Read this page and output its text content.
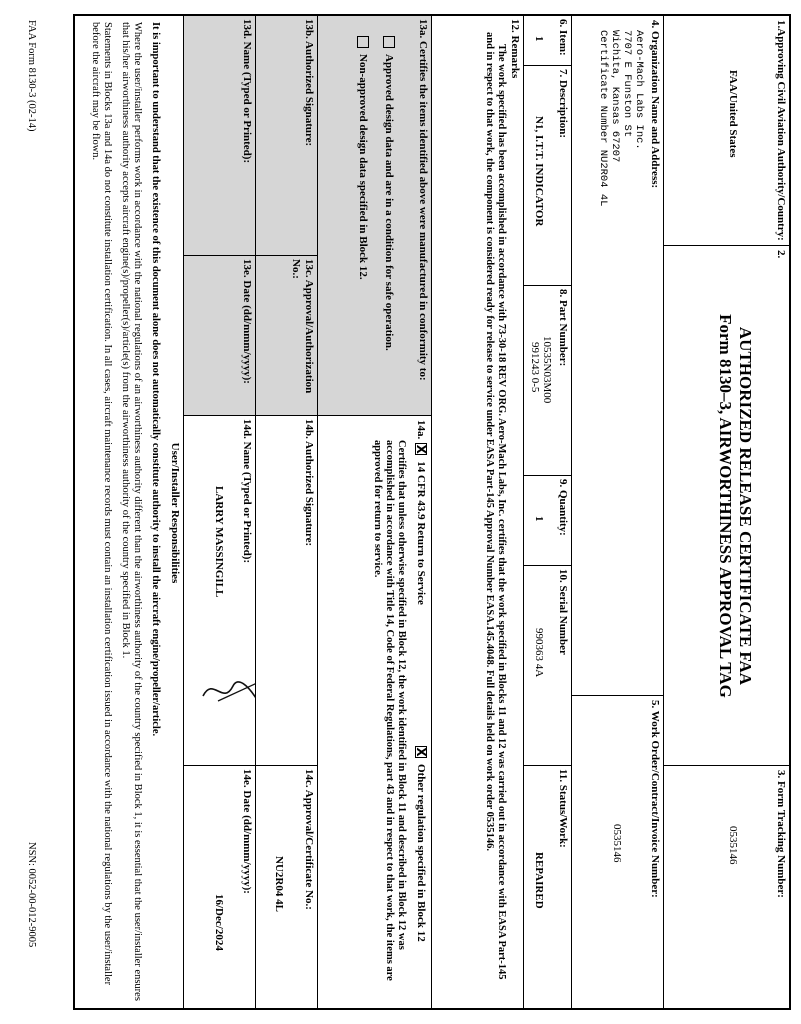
1.Approving Civil Aviation Authority/Country:
FAA/United States
2.
AUTHORIZED RELEASE CERTIFICATE FAA
Form 8130–3, AIRWORTHINESS APPROVAL TAG
3. Form Tracking Number:
0535146
4. Organization Name and Address:
Aero-Mach Labs Inc.
7707 E Funston St
Wichita, Kansas 67207
Certificate Number NU2R04 4L
5. Work Order/Contract/Invoice Number:
0535146
6. Item:
1
7. Description:
N1, I.T.T. INDICATOR
8. Part Number:
10535N03M00
991243 0-5
9. Quantity:
1
10. Serial Number
990363 4A
11. Status/Work:
REPAIRED
12. Remarks
The work specified has been accomplished in accordance with 73-30-18 REV ORG. Aero-Mach Labs, Inc. certifies that the work specified in Blocks 11 and 12 was carried out in accordance with EASA Part-145 and in respect to that work, the component is considered ready for release to service under EASA Part-145 Approval Number EASA.145.4048. Full details held on work order 0535146.
13a. Certifies the items identified above were manufactured in conformity to:
Approved design data and are in a condition for safe operation.
Non-approved design data specified in Block 12.
14a.X14 CFR 43.9 Return to Service
XOther regulation specified in Block 12
Certifies that unless otherwise specified in Block 12, the work identified in Block 11 and described in Block 12 was accomplished in accordance with Title 14, Code of Federal Regulations, part 43 and in respect to that work, the items are approved for return to service.
13b. Authorized Signature:
13c. Approval/Authorization No.:
14b. Authorized Signature:
14c. Approval/Certificate No.:
NU2R04 4L
13d. Name (Typed or Printed):
13e. Date (dd/mmm/yyyy):
14d. Name (Typed or Printed):
LARRY MASSINGILL
14e. Date (dd/mmm/yyyy):
16/Dec/2024
User/Installer Responsibilities
It is important to understand that the existence of this document alone does not automatically constitute authority to install the aircraft engine/propeller/article.
Where the user/installer performs work in accordance with the national regulations of an airworthiness authority different than the airworthiness authority of the country specified in Block 1, it is essential that the user/installer ensures that his/her airworthiness authority accepts aircraft engine(s)/propeller(s)/article(s) from the airworthiness authority of the country specified in Block 1.
Statements in Blocks 13a and 14a do not constitute installation certification. In all cases, aircraft maintenance records must contain an installation certification issued in accordance with the national regulations by the user/installer before the aircraft may be flown.
FAA Form 8130-3 (02-14)
NSN: 0052-00-012-9005
